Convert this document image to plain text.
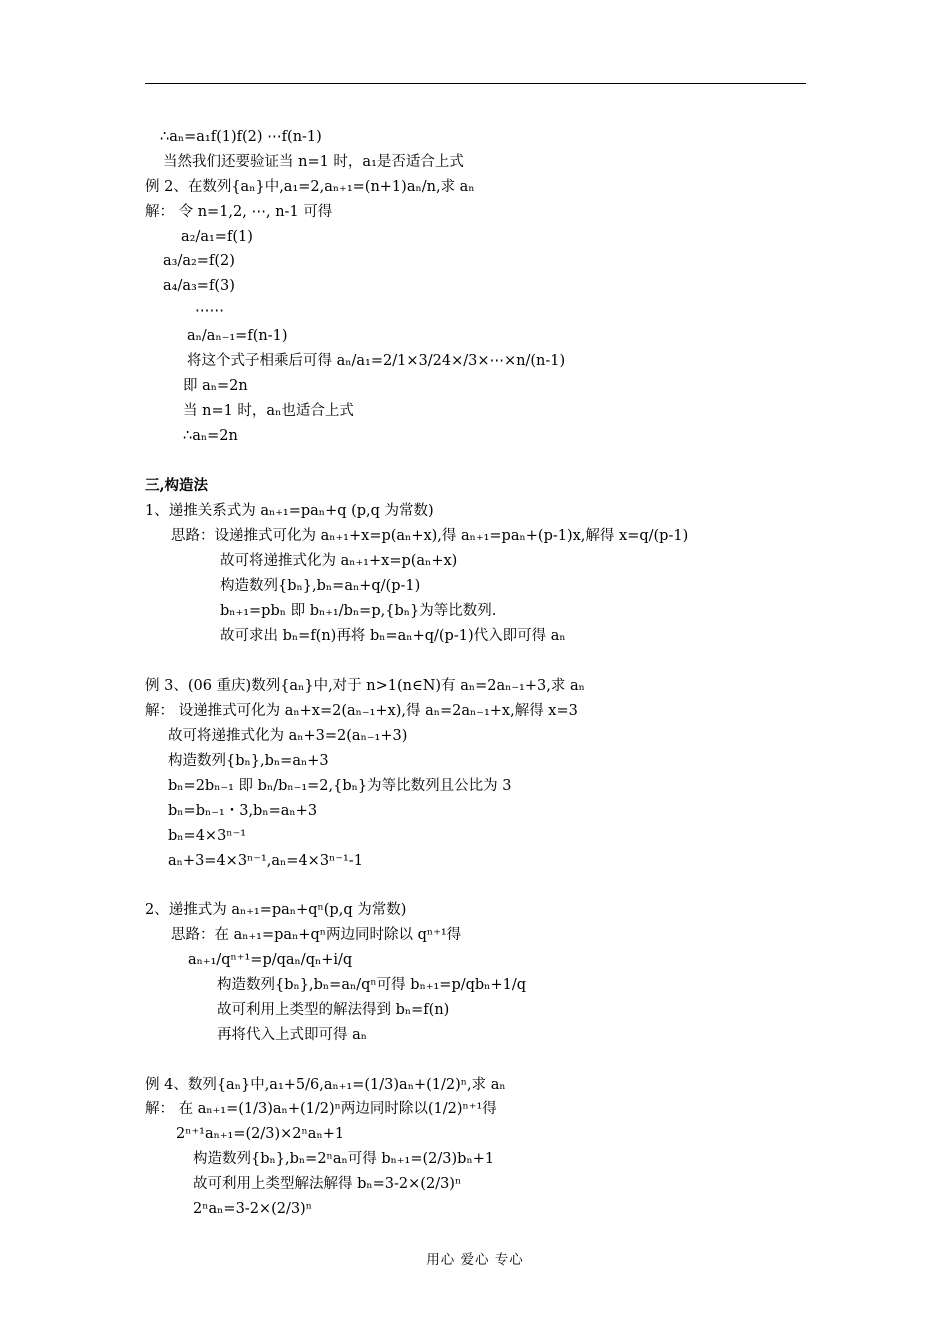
∴aₙ=a₁f(1)f(2) ⋯f(n-1)
当然我们还要验证当 n=1 时，a₁是否适合上式
例 2、在数列{aₙ}中,a₁=2,aₙ₊₁=(n+1)aₙ/n,求 aₙ
解： 令 n=1,2, ⋯, n-1 可得
a₂/a₁=f(1)
a₃/a₂=f(2)
a₄/a₃=f(3)
⋯⋯
aₙ/aₙ₋₁=f(n-1)
将这个式子相乘后可得 aₙ/a₁=2/1×3/24×/3×⋯×n/(n-1)
即 aₙ=2n
当 n=1 时，aₙ也适合上式
∴aₙ=2n
三,构造法
1、递推关系式为 aₙ₊₁=paₙ+q (p,q 为常数)
思路：设递推式可化为 aₙ₊₁+x=p(aₙ+x),得 aₙ₊₁=paₙ+(p-1)x,解得 x=q/(p-1)
故可将递推式化为 aₙ₊₁+x=p(aₙ+x)
构造数列{bₙ},bₙ=aₙ+q/(p-1)
bₙ₊₁=pbₙ 即 bₙ₊₁/bₙ=p,{bₙ}为等比数列.
故可求出 bₙ=f(n)再将 bₙ=aₙ+q/(p-1)代入即可得 aₙ
例 3、(06 重庆)数列{aₙ}中,对于 n>1(n∈N)有 aₙ=2aₙ₋₁+3,求 aₙ
解： 设递推式可化为 aₙ+x=2(aₙ₋₁+x),得 aₙ=2aₙ₋₁+x,解得 x=3
故可将递推式化为 aₙ+3=2(aₙ₋₁+3)
构造数列{bₙ},bₙ=aₙ+3
bₙ=2bₙ₋₁ 即 bₙ/bₙ₋₁=2,{bₙ}为等比数列且公比为 3
bₙ=bₙ₋₁・3,bₙ=aₙ+3
bₙ=4×3ⁿ⁻¹
aₙ+3=4×3ⁿ⁻¹,aₙ=4×3ⁿ⁻¹-1
2、递推式为 aₙ₊₁=paₙ+qⁿ(p,q 为常数)
思路：在 aₙ₊₁=paₙ+qⁿ两边同时除以 qⁿ⁺¹得
aₙ₊₁/qⁿ⁺¹=p/qaₙ/qₙ+i/q
构造数列{bₙ},bₙ=aₙ/qⁿ可得 bₙ₊₁=p/qbₙ+1/q
故可利用上类型的解法得到 bₙ=f(n)
再将代入上式即可得 aₙ
例 4、数列{aₙ}中,a₁+5/6,aₙ₊₁=(1/3)aₙ+(1/2)ⁿ,求 aₙ
解： 在 aₙ₊₁=(1/3)aₙ+(1/2)ⁿ两边同时除以(1/2)ⁿ⁺¹得
2ⁿ⁺¹aₙ₊₁=(2/3)×2ⁿaₙ+1
构造数列{bₙ},bₙ=2ⁿaₙ可得 bₙ₊₁=(2/3)bₙ+1
故可利用上类型解法解得 bₙ=3-2×(2/3)ⁿ
2ⁿaₙ=3-2×(2/3)ⁿ
用心 爱心 专心
